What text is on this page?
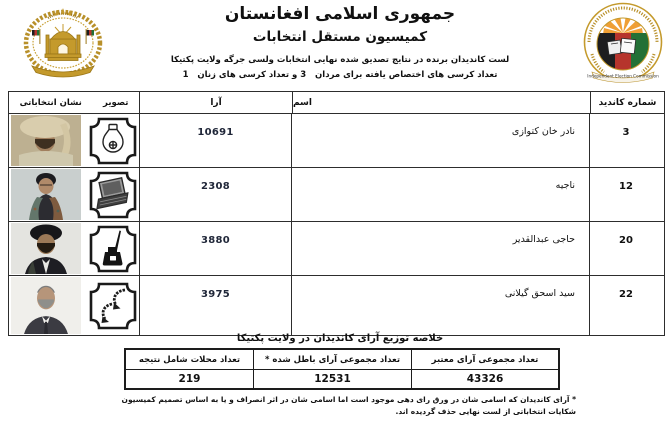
جمهوری اسلامی افغانستان
کمیسیون مستقل انتخابات
لست کاندیدان برنده در نتایج تصدیق شده نهایی انتخابات ولسی جرگه ولایت پکتیکا
تعداد کرسی های اختصاص یافته برای مردان   3 و تعداد کرسی های زنان   1	Independent Election Commission
نشان انتخاباتی تصویر	آرا	اسم	شماره کاندید
10691	نادر خان کتوازی	3
2308	ناجیه	12
3880	حاجی عبدالقدیر	20
3975	سید اسحق گیلانی	22
خلاصه توزیع آرای کاندیدان در ولایت پکتیکا
تعداد محلات شامل نتیجه	تعداد مجموعی آرای باطل شده *	تعداد مجموعی آرای معتبر
219	12531	43326
* آرای کاندیدان که اسامی شان در ورق رای دهی موجود است اما اسامی شان در اثر انصراف و یا به اساس تصمیم کمیسیون شکایات انتخاباتی از لست نهایی حذف گردیده اند.
